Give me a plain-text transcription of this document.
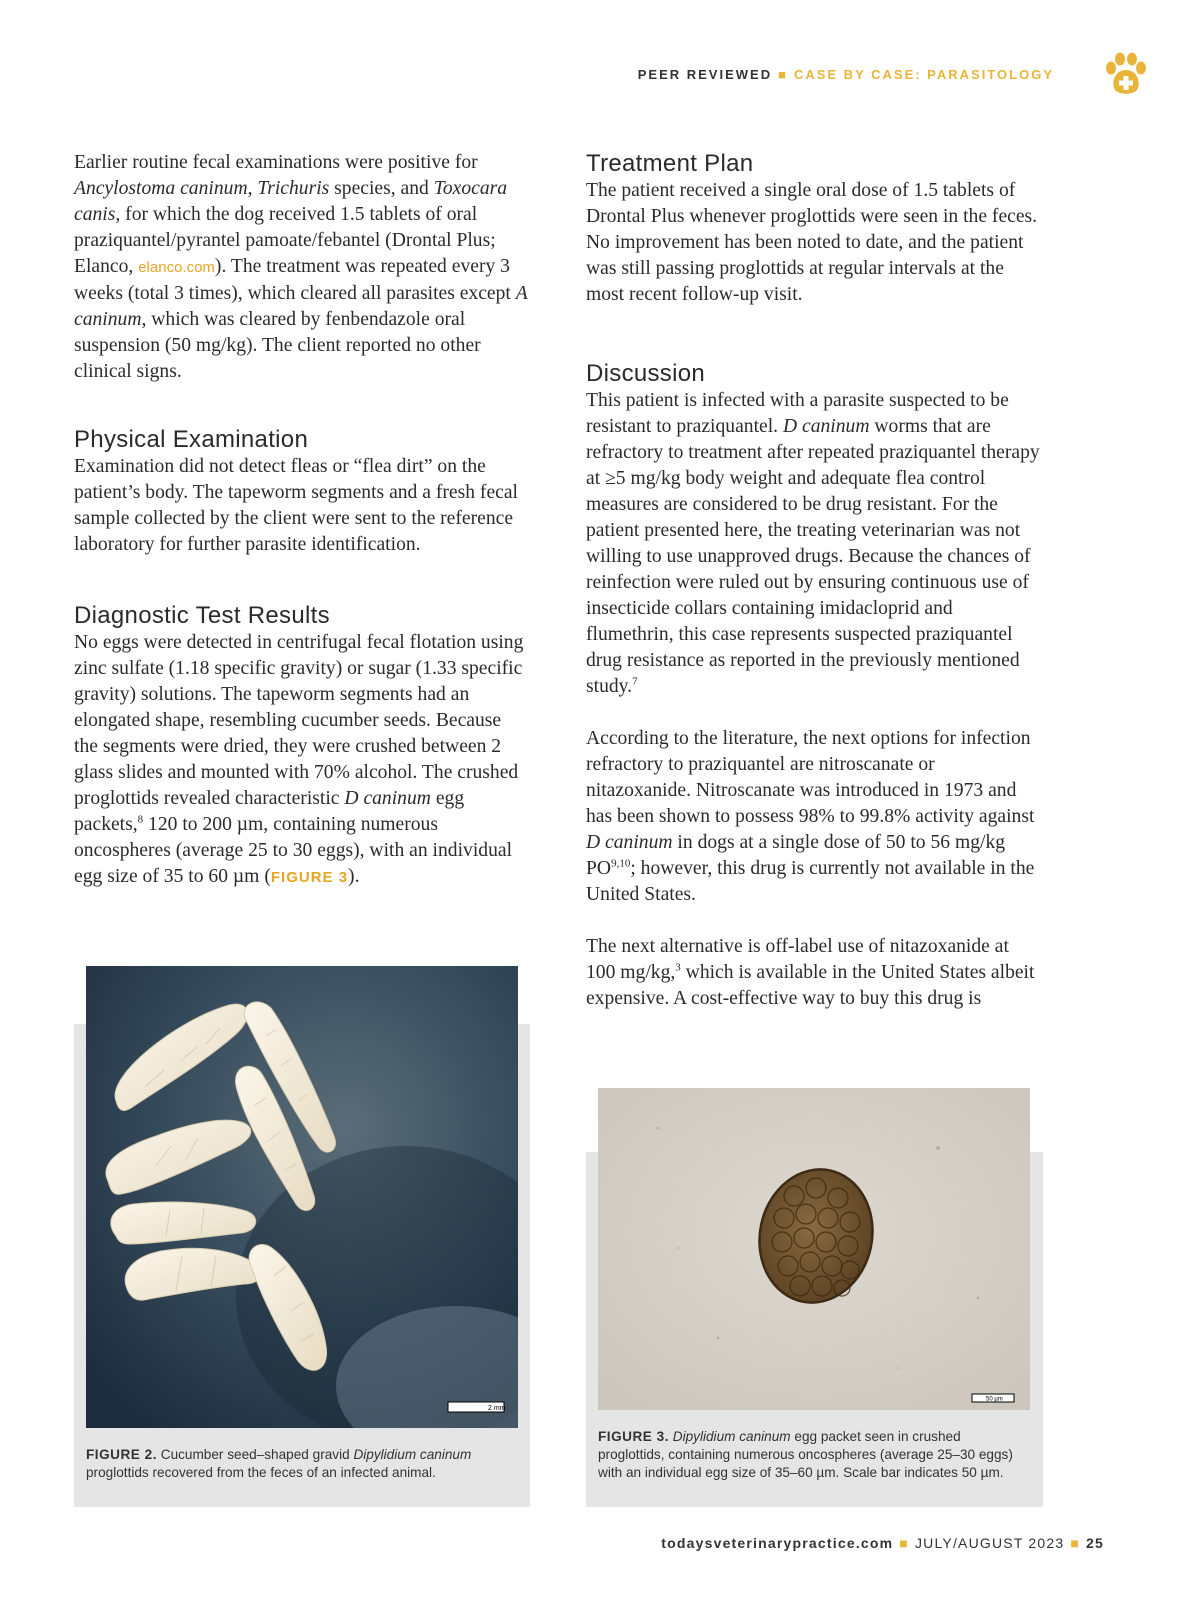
PEER REVIEWED ■ CASE BY CASE: PARASITOLOGY

Earlier routine fecal examinations were positive for Ancylostoma caninum, Trichuris species, and Toxocara canis, for which the dog received 1.5 tablets of oral praziquantel/pyrantel pamoate/febantel (Drontal Plus; Elanco, elanco.com). The treatment was repeated every 3 weeks (total 3 times), which cleared all parasites except A caninum, which was cleared by fenbendazole oral suspension (50 mg/kg). The client reported no other clinical signs.

Physical Examination

Examination did not detect fleas or “flea dirt” on the patient’s body. The tapeworm segments and a fresh fecal sample collected by the client were sent to the reference laboratory for further parasite identification.

Diagnostic Test Results

No eggs were detected in centrifugal fecal flotation using zinc sulfate (1.18 specific gravity) or sugar (1.33 specific gravity) solutions. The tapeworm segments had an elongated shape, resembling cucumber seeds. Because the segments were dried, they were crushed between 2 glass slides and mounted with 70% alcohol. The crushed proglottids revealed characteristic D caninum egg packets,$^8$ 120 to 200 µm, containing numerous oncospheres (average 25 to 30 eggs), with an individual egg size of 35 to 60 µm (FIGURE 3).

2 mm
FIGURE 2. Cucumber seed–shaped gravid Dipylidium caninum proglottids recovered from the feces of an infected animal.
Treatment Plan

The patient received a single oral dose of 1.5 tablets of Drontal Plus whenever proglottids were seen in the feces. No improvement has been noted to date, and the patient was still passing proglottids at regular intervals at the most recent follow-up visit.

Discussion

This patient is infected with a parasite suspected to be resistant to praziquantel. D caninum worms that are refractory to treatment after repeated praziquantel therapy at ≥5 mg/kg body weight and adequate flea control measures are considered to be drug resistant. For the patient presented here, the treating veterinarian was not willing to use unapproved drugs. Because the chances of reinfection were ruled out by ensuring continuous use of insecticide collars containing imidacloprid and flumethrin, this case represents suspected praziquantel drug resistance as reported in the previously mentioned study.$^7$

According to the literature, the next options for infection refractory to praziquantel are nitroscanate or nitazoxanide. Nitroscanate was introduced in 1973 and has been shown to possess 98% to 99.8% activity against D caninum in dogs at a single dose of 50 to 56 mg/kg PO$^{9,10}$; however, this drug is currently not available in the United States.

The next alternative is off-label use of nitazoxanide at 100 mg/kg,$^3$ which is available in the United States albeit expensive. A cost-effective way to buy this drug is

50 µm
FIGURE 3. Dipylidium caninum egg packet seen in crushed proglottids, containing numerous oncospheres (average 25–30 eggs) with an individual egg size of 35–60 µm. Scale bar indicates 50 µm.
todaysveterinarypractice.com ■ JULY/AUGUST 2023 ■ 25
